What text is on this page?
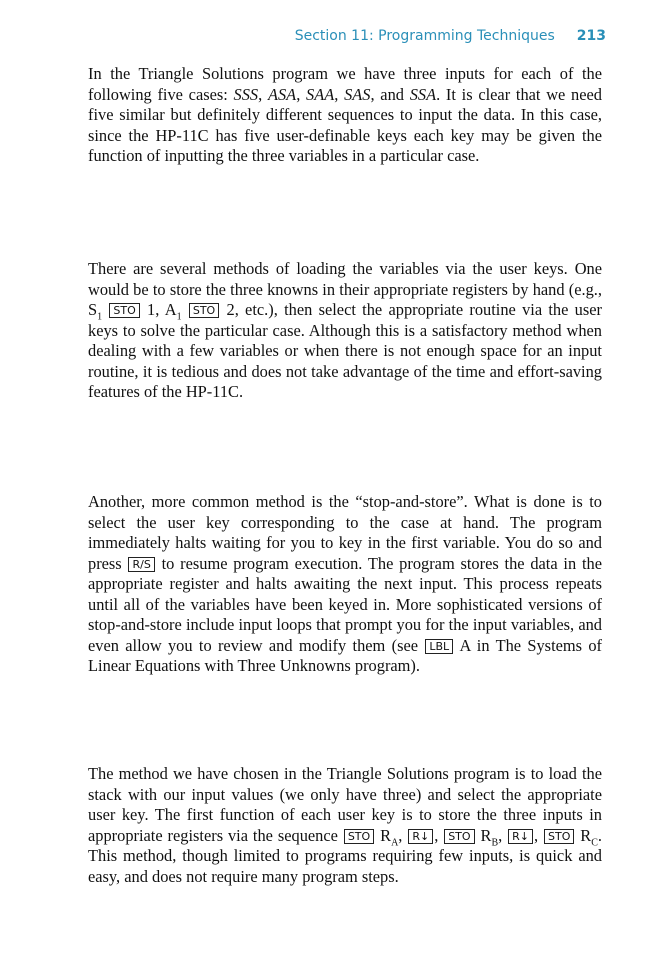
Section 11: Programming Techniques 213

In the Triangle Solutions program we have three inputs for each of the following five cases: SSS, ASA, SAA, SAS, and SSA. It is clear that we need five similar but definitely different sequences to input the data. In this case, since the HP-11C has five user-definable keys each key may be given the function of inputting the three variables in a particular case.

There are several methods of loading the variables via the user keys. One would be to store the three knowns in their appropriate registers by hand (e.g., $S_1$ STO 1, $A_1$ STO 2, etc.), then select the appropriate routine via the user keys to solve the particular case. Although this is a satisfactory method when dealing with a few variables or when there is not enough space for an input routine, it is tedious and does not take advantage of the time and effort-saving features of the HP-11C.

Another, more common method is the “stop-and-store”. What is done is to select the user key corresponding to the case at hand. The program immediately halts waiting for you to key in the first variable. You do so and press R/S to resume program execution. The program stores the data in the appropriate register and halts awaiting the next input. This process repeats until all of the variables have been keyed in. More sophisticated versions of stop-and-store include input loops that prompt you for the input variables, and even allow you to review and modify them (see LBL A in The Systems of Linear Equations with Three Unknowns program).

The method we have chosen in the Triangle Solutions program is to load the stack with our input values (we only have three) and select the appropriate user key. The first function of each user key is to store the three inputs in appropriate registers via the sequence STO $R_A$, R↓ , STO $R_B$, R↓ , STO $R_C$. This method, though limited to programs requiring few inputs, is quick and easy, and does not require many program steps.
